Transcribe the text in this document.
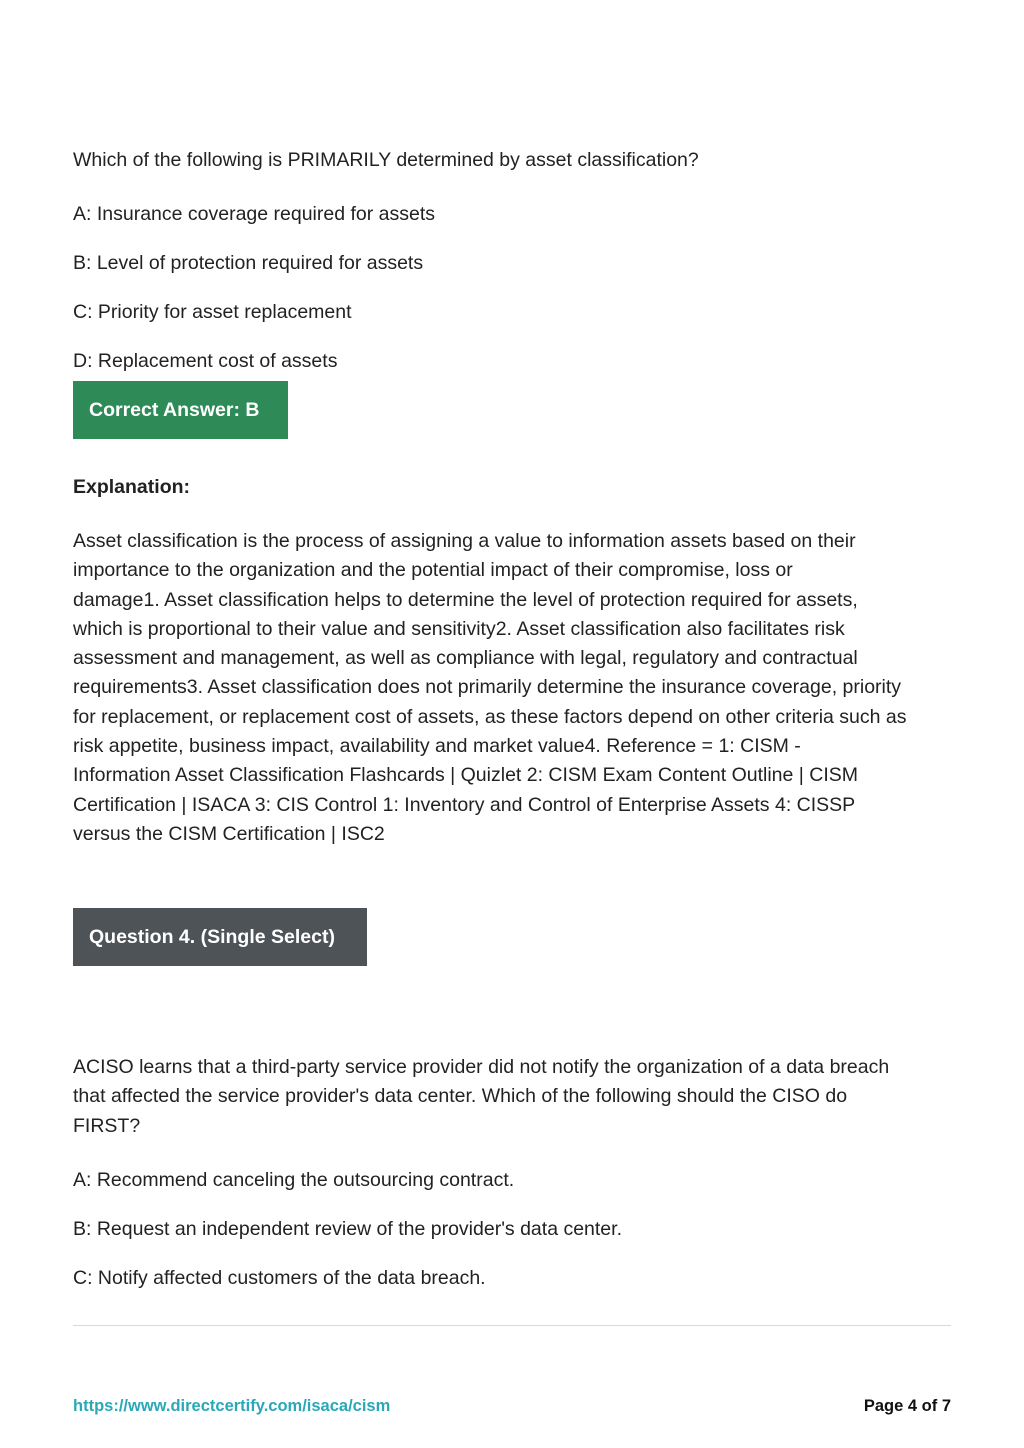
Which of the following is PRIMARILY determined by asset classification?
A: Insurance coverage required for assets
B: Level of protection required for assets
C: Priority for asset replacement
D: Replacement cost of assets
Correct Answer: B
Explanation:
Asset classification is the process of assigning a value to information assets based on their
importance to the organization and the potential impact of their compromise, loss or
damage1. Asset classification helps to determine the level of protection required for assets,
which is proportional to their value and sensitivity2. Asset classification also facilitates risk
assessment and management, as well as compliance with legal, regulatory and contractual
requirements3. Asset classification does not primarily determine the insurance coverage, priority
for replacement, or replacement cost of assets, as these factors depend on other criteria such as
risk appetite, business impact, availability and market value4. Reference = 1: CISM -
Information Asset Classification Flashcards | Quizlet 2: CISM Exam Content Outline | CISM
Certification | ISACA 3: CIS Control 1: Inventory and Control of Enterprise Assets 4: CISSP
versus the CISM Certification | ISC2
Question 4. (Single Select)
ACISO learns that a third-party service provider did not notify the organization of a data breach
that affected the service provider's data center. Which of the following should the CISO do
FIRST?
A: Recommend canceling the outsourcing contract.
B: Request an independent review of the provider's data center.
C: Notify affected customers of the data breach.
https://www.directcertify.com/isaca/cism	Page 4 of 7
